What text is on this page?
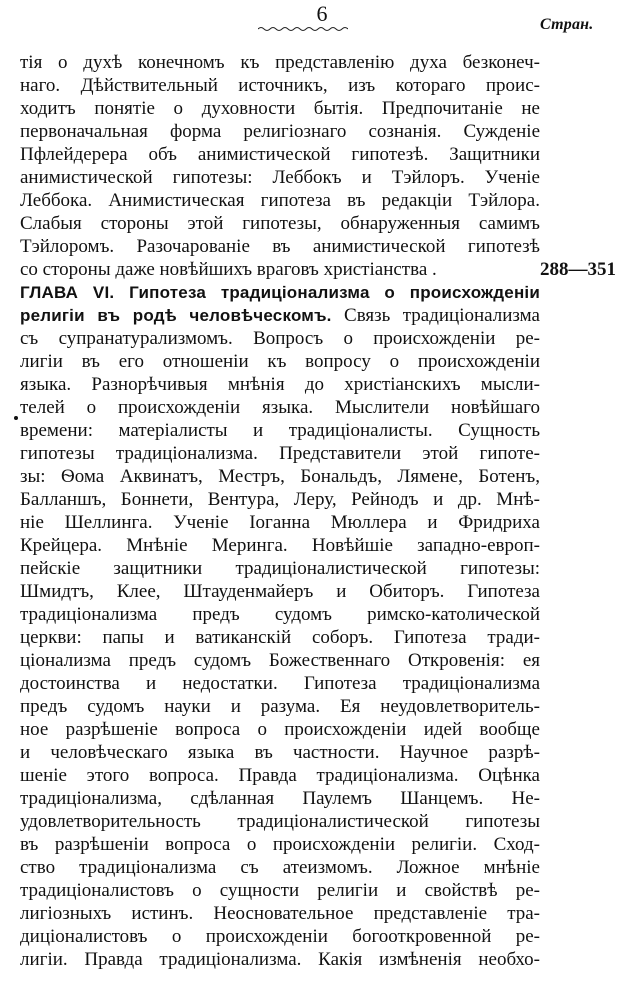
6	Стран.
тія о духѣ конечномъ къ представленію духа безконеч-
наго. Дѣйствительный источникъ, изъ котораго проис-
ходитъ понятіе о духовности бытія. Предпочитаніе не
первоначальная форма религіознаго сознанія. Сужденіе
Пфлейдерера объ анимистической гипотезѣ. Защитники
анимистической гипотезы: Леббокъ и Тэйлоръ. Ученіе
Леббока. Анимистическая гипотеза въ редакціи Тэйлора.
Слабыя стороны этой гипотезы, обнаруженныя самимъ
Тэйлоромъ. Разочарованіе въ анимистической гипотезѣ
со стороны даже новѣйшихъ враговъ христіанства .
ГЛАВА VI. Гипотеза традиціонализма о происхожденіи
религіи въ родѣ человѣческомъ. Связь традиціонализма
съ супранатурализмомъ. Вопросъ о происхожденіи ре-
лигіи въ его отношеніи къ вопросу о происхожденіи
языка. Разнорѣчивыя мнѣнія до христіанскихъ мысли-
телей о происхожденіи языка. Мыслители новѣйшаго
времени: матеріалисты и традиціоналисты. Сущность
гипотезы традиціонализма. Представители этой гипоте-
зы: Ѳома Аквинатъ, Местръ, Бональдъ, Лямене, Ботенъ,
Балланшъ, Боннети, Вентура, Леру, Рейнодъ и др. Мнѣ-
ніе Шеллинга. Ученіе Іоганна Мюллера и Фридриха
Крейцера. Мнѣніе Меринга. Новѣйшіе западно-европ-
пейскіе защитники традиціоналистической гипотезы:
Шмидтъ, Клее, Штауденмайеръ и Обиторъ. Гипотеза
традиціонализма предъ судомъ римско-католической
церкви: папы и ватиканскій соборъ. Гипотеза тради-
ціонализма предъ судомъ Божественнаго Откровенія: ея
достоинства и недостатки. Гипотеза традиціонализма
предъ судомъ науки и разума. Ея неудовлетворитель-
ное разрѣшеніе вопроса о происхожденіи идей вообще
и человѣческаго языка въ частности. Научное разрѣ-
шеніе этого вопроса. Правда традиціонализма. Оцѣнка
традиціонализма, сдѣланная Паулемъ Шанцемъ. Не-
удовлетворительность традиціоналистической гипотезы
въ разрѣшеніи вопроса о происхожденіи религіи. Сход-
ство традиціонализма съ атеизмомъ. Ложное мнѣніе
традиціоналистовъ о сущности религіи и свойствѣ ре-
лигіозныхъ истинъ. Неосновательное представленіе тра-
диціоналистовъ о происхожденіи богооткровенной ре-
лигіи. Правда традиціонализма. Какія измѣненія необхо-
288—351
